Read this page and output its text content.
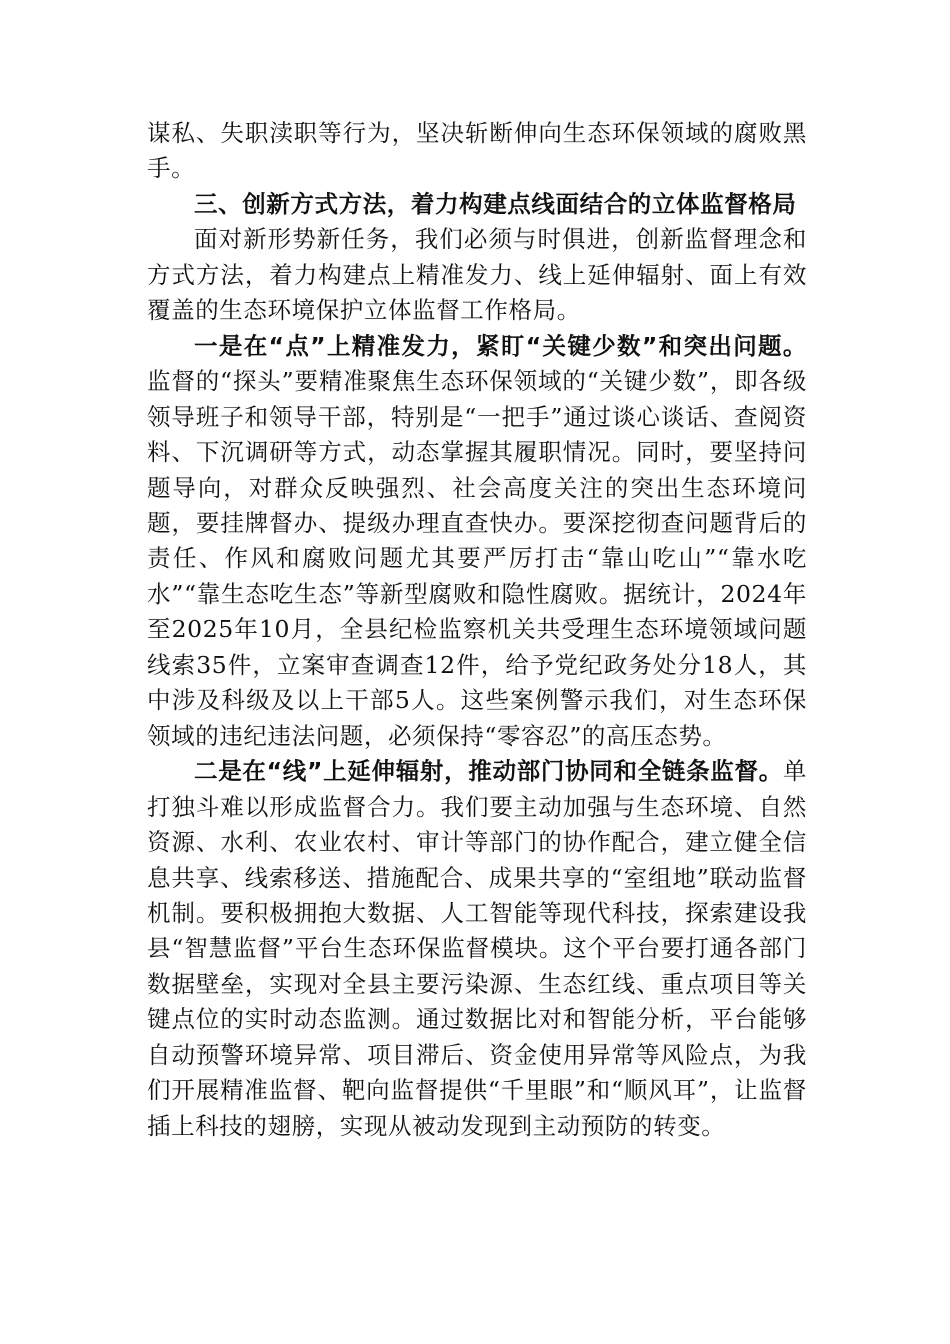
谋私、失职渎职等行为，坚决斩断伸向生态环保领域的腐败黑手。

三、创新方式方法，着力构建点线面结合的立体监督格局

面对新形势新任务，我们必须与时俱进，创新监督理念和方式方法，着力构建点上精准发力、线上延伸辐射、面上有效覆盖的生态环境保护立体监督工作格局。

一是在“点”上精准发力，紧盯“关键少数”和突出问题。监督的“探头”要精准聚焦生态环保领域的“关键少数”，即各级领导班子和领导干部，特别是“一把手”通过谈心谈话、查阅资料、下沉调研等方式，动态掌握其履职情况。同时，要坚持问题导向，对群众反映强烈、社会高度关注的突出生态环境问题，要挂牌督办、提级办理直查快办。要深挖彻查问题背后的责任、作风和腐败问题尤其要严厉打击“靠山吃山”“靠水吃水”“靠生态吃生态”等新型腐败和隐性腐败。据统计，2024年至2025年10月，全县纪检监察机关共受理生态环境领域问题线索35件，立案审查调查12件，给予党纪政务处分18人，其中涉及科级及以上干部5人。这些案例警示我们，对生态环保领域的违纪违法问题，必须保持“零容忍”的高压态势。

二是在“线”上延伸辐射，推动部门协同和全链条监督。单打独斗难以形成监督合力。我们要主动加强与生态环境、自然资源、水利、农业农村、审计等部门的协作配合，建立健全信息共享、线索移送、措施配合、成果共享的“室组地”联动监督机制。要积极拥抱大数据、人工智能等现代科技，探索建设我县“智慧监督”平台生态环保监督模块。这个平台要打通各部门数据壁垒，实现对全县主要污染源、生态红线、重点项目等关键点位的实时动态监测。通过数据比对和智能分析，平台能够自动预警环境异常、项目滞后、资金使用异常等风险点，为我们开展精准监督、靶向监督提供“千里眼”和“顺风耳”，让监督插上科技的翅膀，实现从被动发现到主动预防的转变。
